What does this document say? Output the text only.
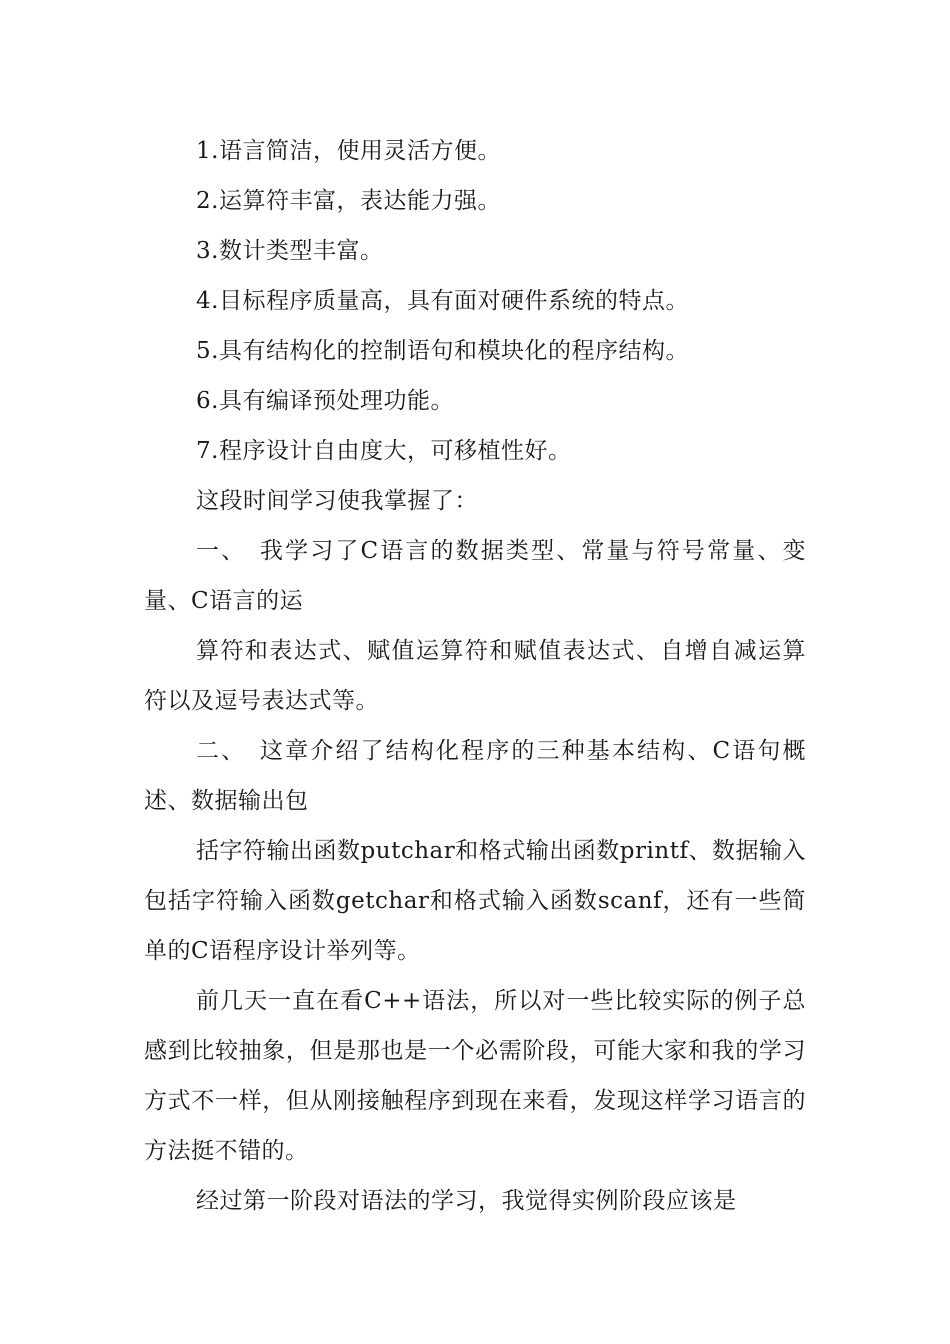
1.语言简洁，使用灵活方便。

2.运算符丰富，表达能力强。

3.数计类型丰富。

4.目标程序质量高，具有面对硬件系统的特点。

5.具有结构化的控制语句和模块化的程序结构。

6.具有编译预处理功能。

7.程序设计自由度大，可移植性好。

这段时间学习使我掌握了：

一、　我学习了C语言的数据类型、常量与符号常量、变量、C语言的运

算符和表达式、赋值运算符和赋值表达式、自增自减运算符以及逗号表达式等。

二、　这章介绍了结构化程序的三种基本结构、C语句概述、数据输出包

括字符输出函数putchar和格式输出函数printf、数据输入包括字符输入函数getchar和格式输入函数scanf，还有一些简单的C语程序设计举列等。

前几天一直在看C++语法，所以对一些比较实际的例子总感到比较抽象，但是那也是一个必需阶段，可能大家和我的学习方式不一样，但从刚接触程序到现在来看，发现这样学习语言的方法挺不错的。

经过第一阶段对语法的学习，我觉得实例阶段应该是
